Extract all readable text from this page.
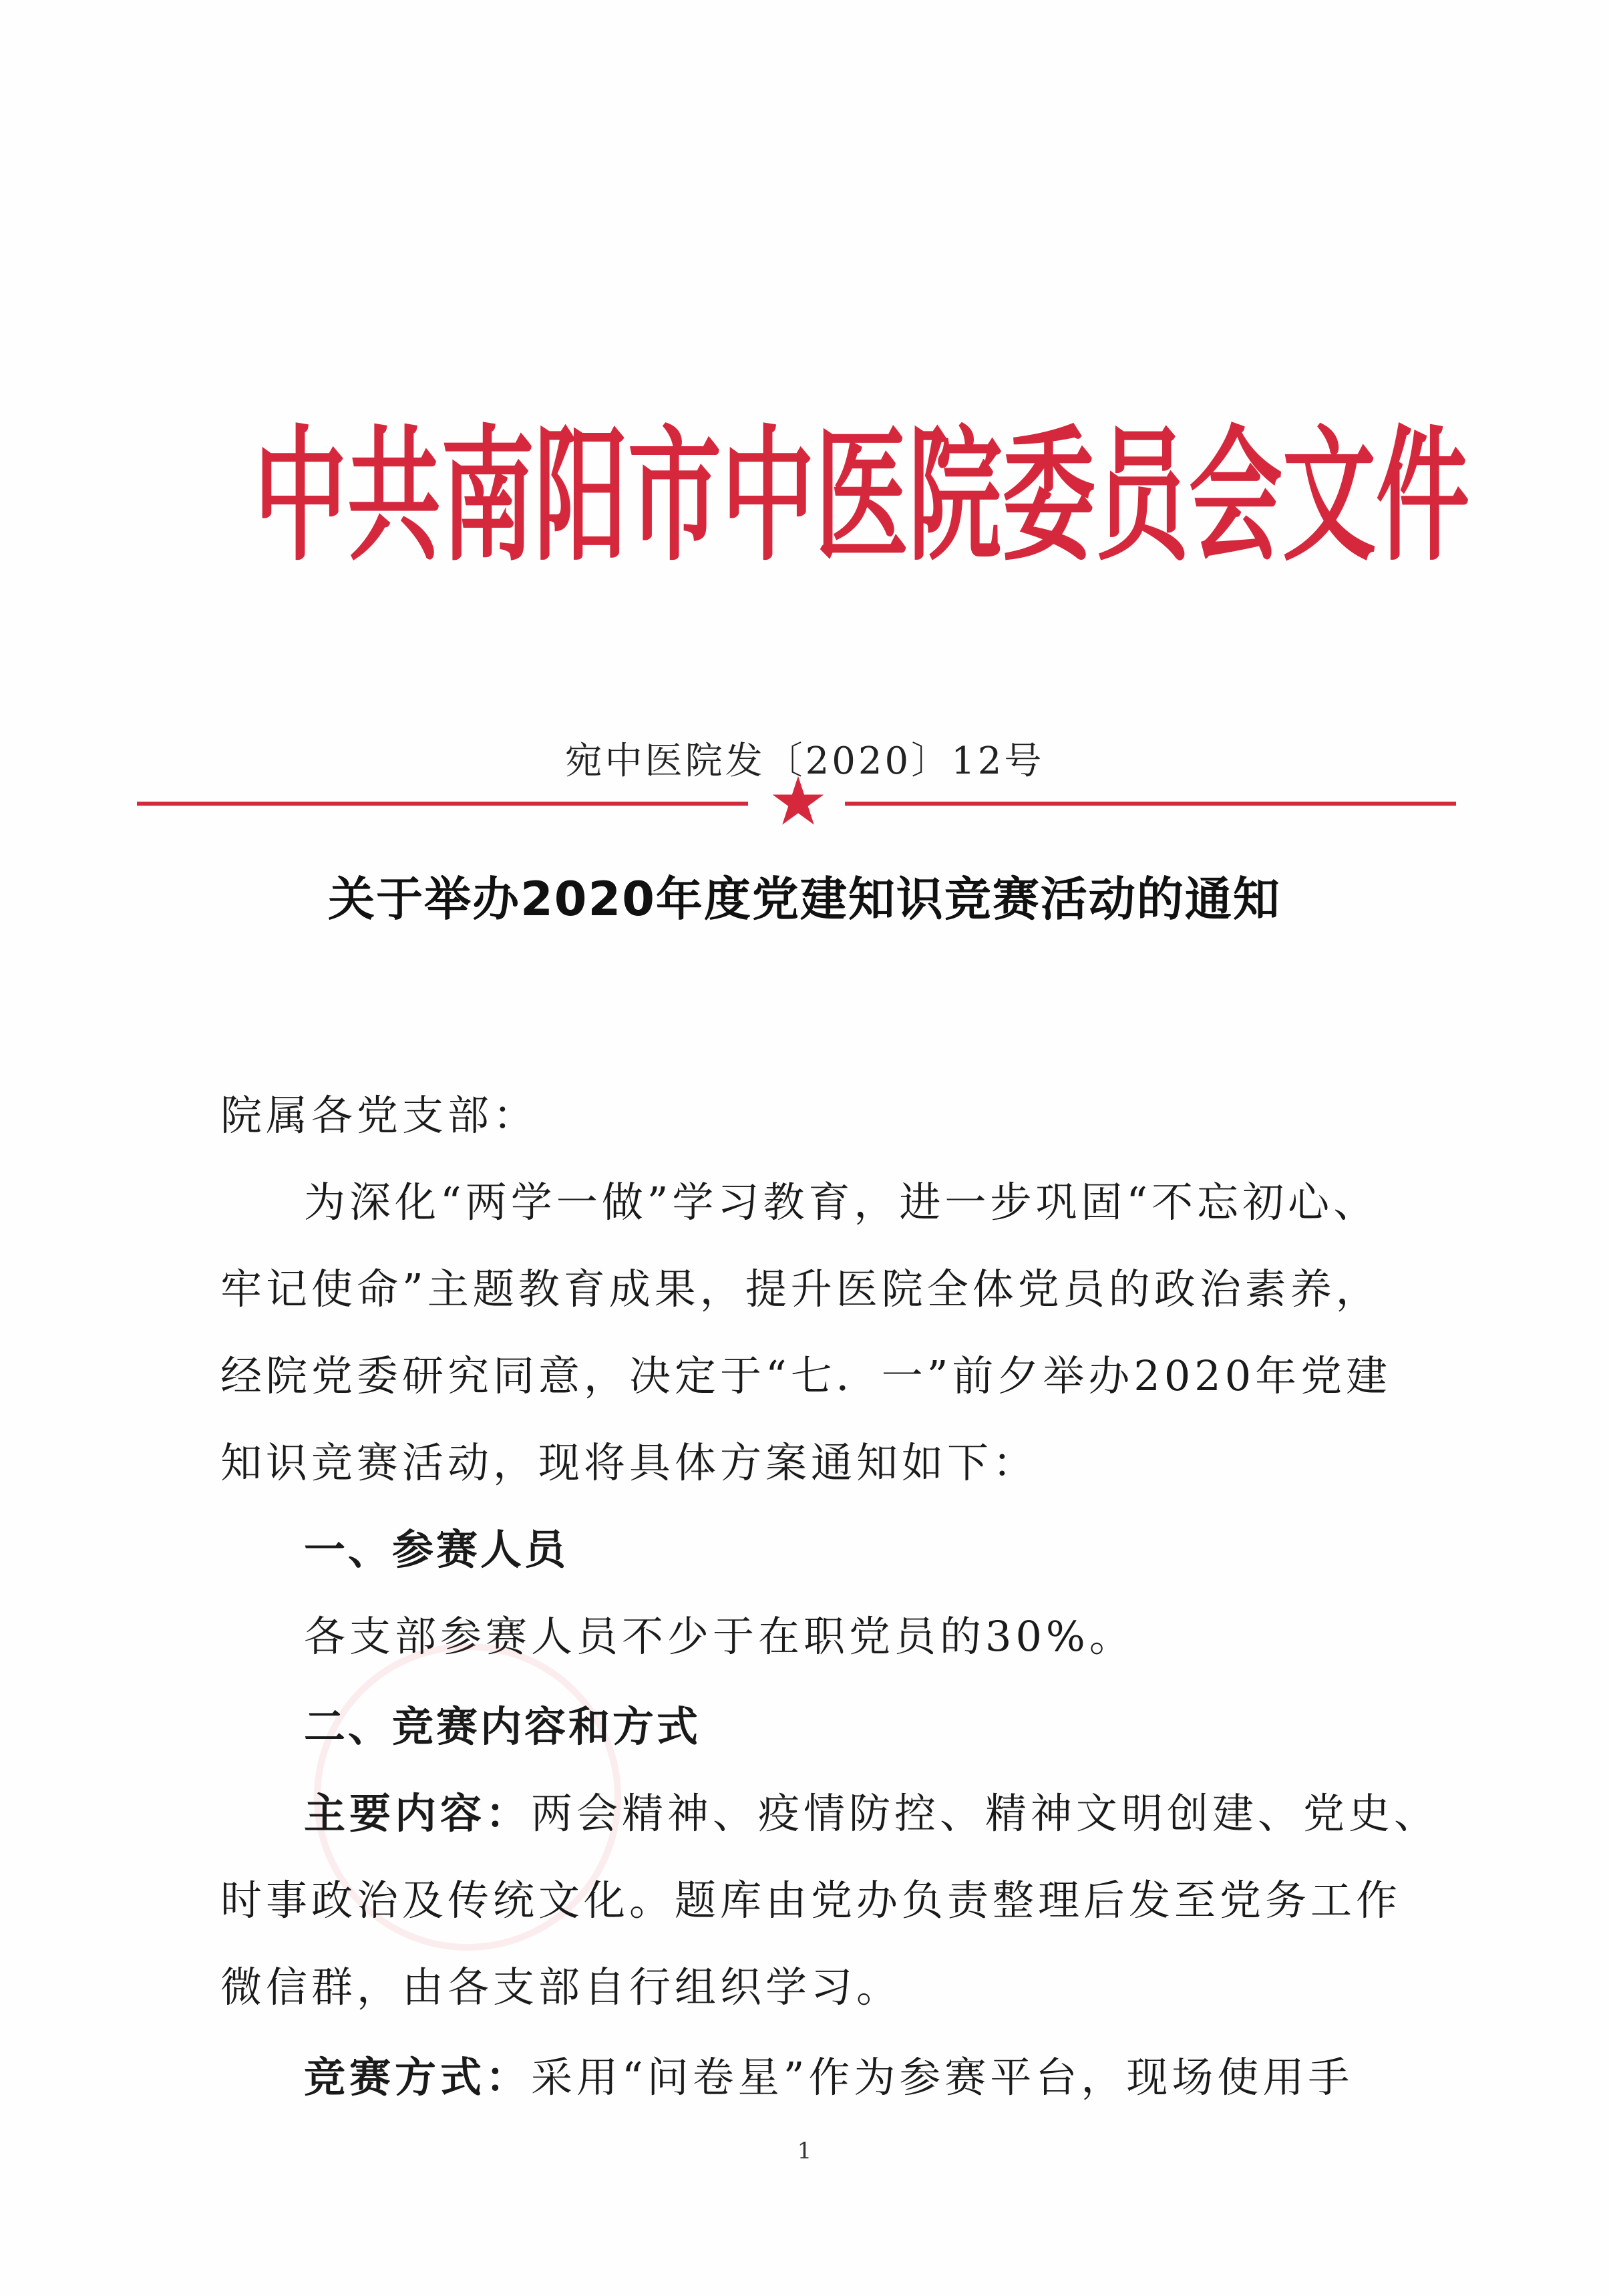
中共南阳市中医院委员会文件
宛中医院发〔2020〕12号
★
关于举办2020年度党建知识竞赛活动的通知
院属各党支部：
为深化“两学一做”学习教育，进一步巩固“不忘初心、
牢记使命”主题教育成果，提升医院全体党员的政治素养，
经院党委研究同意，决定于“七．一”前夕举办2020年党建
知识竞赛活动，现将具体方案通知如下：
一、参赛人员
各支部参赛人员不少于在职党员的30%。
二、竞赛内容和方式
主要内容：两会精神、疫情防控、精神文明创建、党史、
时事政治及传统文化。题库由党办负责整理后发至党务工作
微信群，由各支部自行组织学习。
竞赛方式：采用“问卷星”作为参赛平台，现场使用手
1
